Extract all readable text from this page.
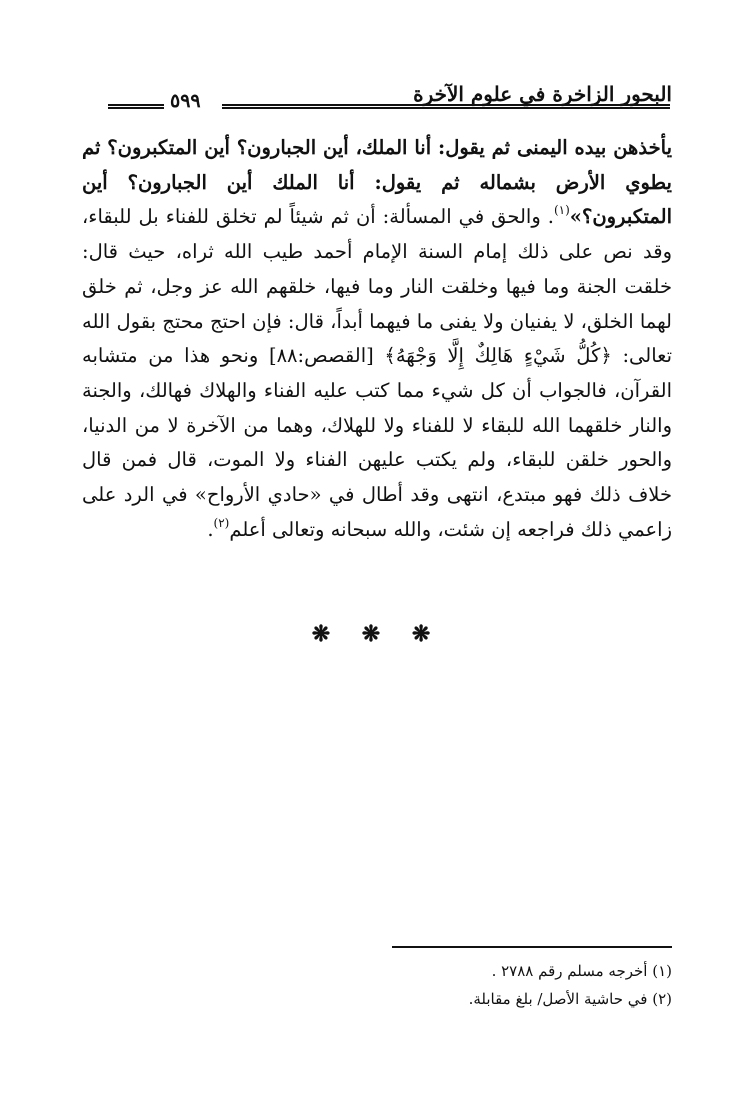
البحور الزاخرة في علوم الآخرة
٥٩٩
يأخذهن بيده اليمنى ثم يقول: أنا الملك، أين الجبارون؟ أين المتكبرون؟ ثم يطوي الأرض بشماله ثم يقول: أنا الملك أين الجبارون؟ أين المتكبرون؟»$^{(١)}$. والحق في المسألة: أن ثم شيئاً لم تخلق للفناء بل للبقاء، وقد نص على ذلك إمام السنة الإمام أحمد طيب الله ثراه، حيث قال: خلقت الجنة وما فيها وخلقت النار وما فيها، خلقهم الله عز وجل، ثم خلق لهما الخلق، لا يفنيان ولا يفنى ما فيهما أبداً، قال: فإن احتج محتج بقول الله تعالى: ﴿كُلُّ شَيْءٍ هَالِكٌ إِلَّا وَجْهَهُ﴾ [القصص:٨٨] ونحو هذا من متشابه القرآن، فالجواب أن كل شيء مما كتب عليه الفناء والهلاك فهالك، والجنة والنار خلقهما الله للبقاء لا للفناء ولا للهلاك، وهما من الآخرة لا من الدنيا، والحور خلقن للبقاء، ولم يكتب عليهن الفناء ولا الموت، قال فمن قال خلاف ذلك فهو مبتدع، انتهى وقد أطال في «حادي الأرواح» في الرد على زاعمي ذلك فراجعه إن شئت، والله سبحانه وتعالى أعلم$^{(٢)}$.
❋ ❋ ❋

(١) أخرجه مسلم رقم ٢٧٨٨ .

(٢) في حاشية الأصل/ بلغ مقابلة.
